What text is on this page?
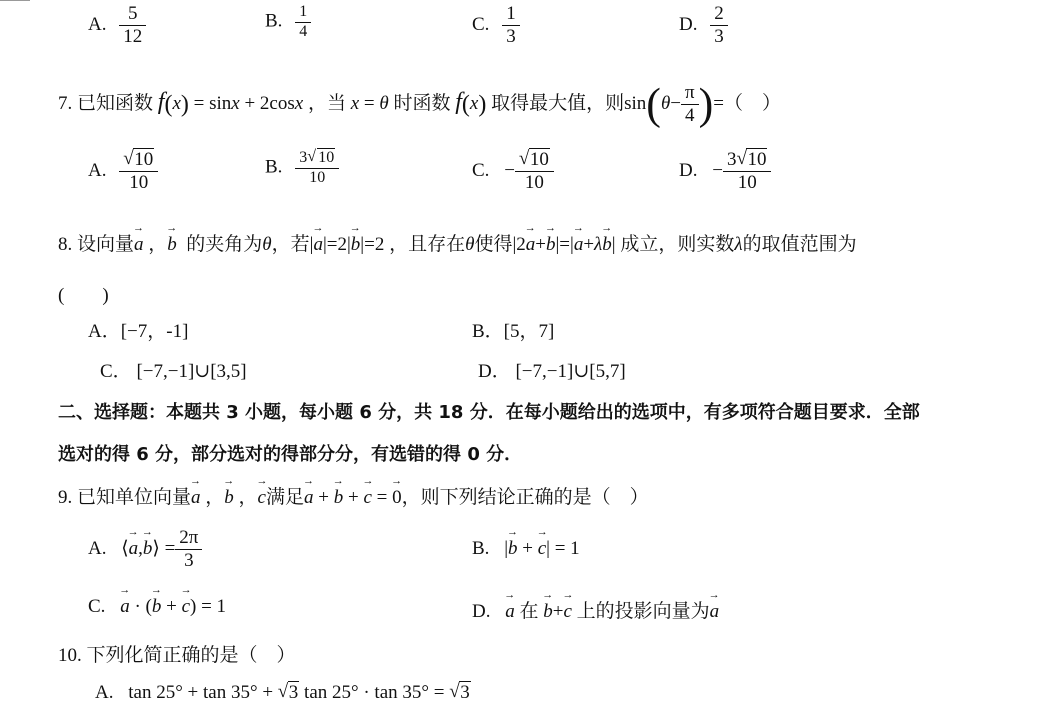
A. $\frac{5}{12}$	B. $\frac{1}{4}$	C. $\frac{1}{3}$	D. $\frac{2}{3}$
7. 已知函数 f(x) = sinx + 2cosx ，当 x = θ 时函数 f(x) 取得最大值，则$\sin(\theta- \frac{\pi}{4}$ )=（　）
A. √ $\frac{10}{10}$	B. $\frac{3 √ 10}{10}$	C. − √ $\frac{10}{10}$	D. − $\frac{3 √ 10}{10}$
8. 设向量→ a ，→ b 的夹角为θ，若|→ a|=2|→ b|=2 ，且存在θ使得|2→ a+→ b|=|→ a+λ→ b| 成立，则实数λ的取值范围为
(　　)
A．[−7，-1]	B．[5，7]
C． [−7,−1]∪[3,5]	D． [−7,−1]∪[5,7]
二、选择题：本题共 3 小题，每小题 6 分，共 18 分．在每小题给出的选项中，有多项符合题目要求．全部
选对的得 6 分，部分选对的得部分分，有选错的得 0 分．
9. 已知单位向量→ a ，→ b ，→ c满足→ a + → b + → c = → 0，则下列结论正确的是（　）
A. ⟨→ a,→ b⟩ = $\frac{2\pi}{3}$	B. |→ b + → c| = 1
C. → a · (→ b + → c) = 1	D. → a 在 → b+→ c 上的投影向量为→ a
10. 下列化简正确的是（　）
A. tan 25° + tan 35° + √ 3 tan 25° · tan 35° = √ 3
